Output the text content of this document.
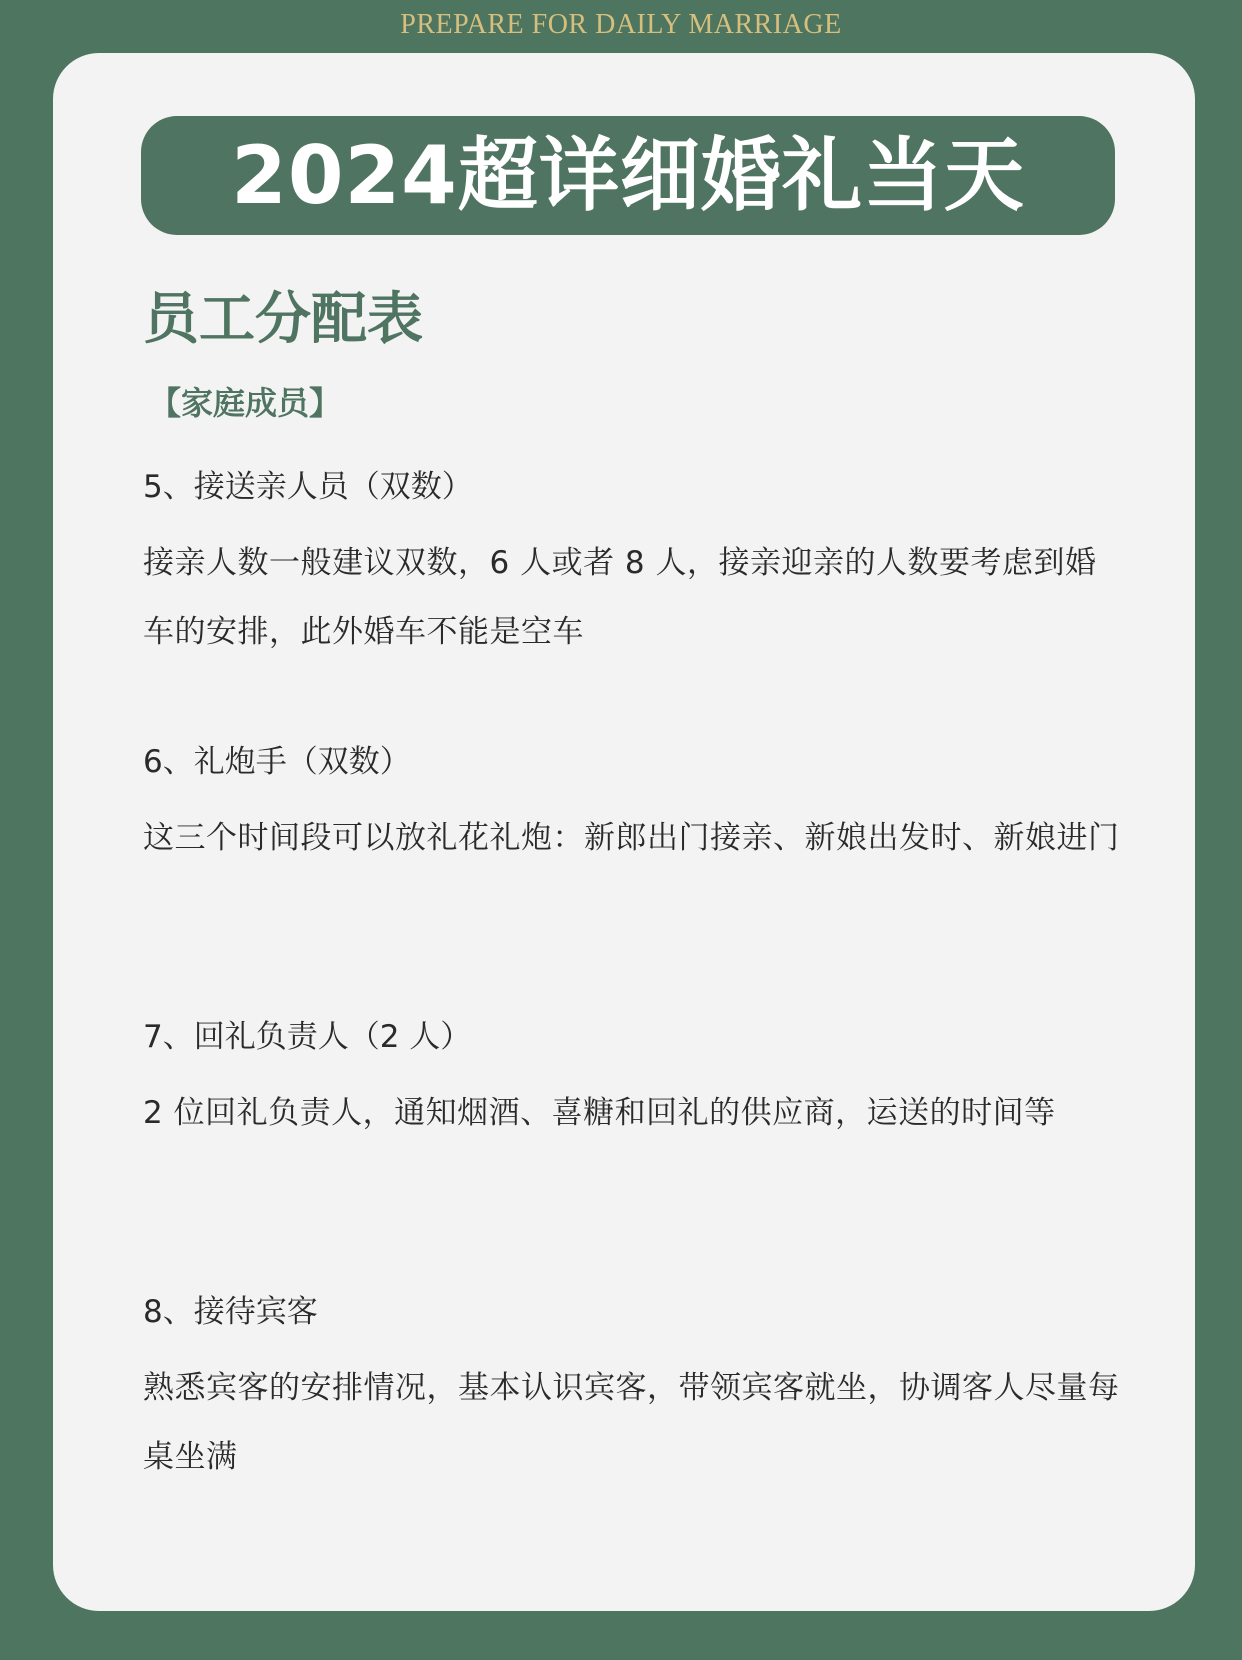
PREPARE FOR DAILY MARRIAGE
2024超详细婚礼当天
员工分配表
【家庭成员】

5、接送亲人员（双数）

接亲人数一般建议双数，6 人或者 8 人，接亲迎亲的人数要考虑到婚车的安排，此外婚车不能是空车

6、礼炮手（双数）

这三个时间段可以放礼花礼炮：新郎出门接亲、新娘出发时、新娘进门

7、回礼负责人（2 人）

2 位回礼负责人，通知烟酒、喜糖和回礼的供应商，运送的时间等

8、接待宾客

熟悉宾客的安排情况，基本认识宾客，带领宾客就坐，协调客人尽量每桌坐满
